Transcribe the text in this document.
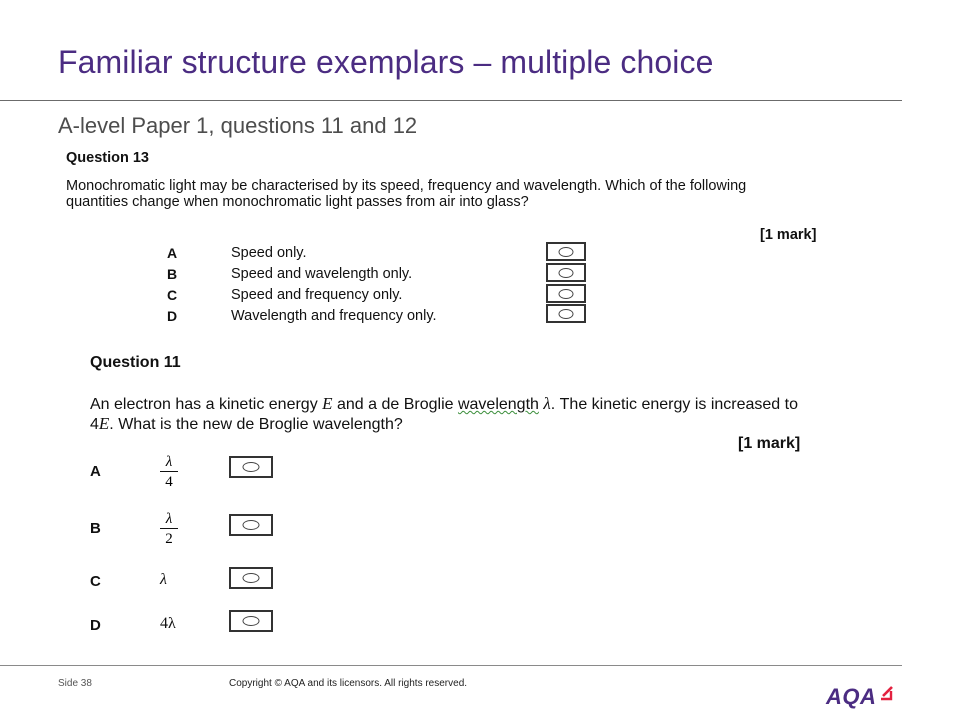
Familiar structure exemplars – multiple choice
A-level Paper 1, questions 11 and 12
Question 13
Monochromatic light may be characterised by its speed, frequency and wavelength. Which of the following quantities change when monochromatic light passes from air into glass?
[1 mark]
A	Speed only.
B	Speed and wavelength only.
C	Speed and frequency only.
D	Wavelength and frequency only.
Question 11
An electron has a kinetic energy E and a de Broglie wavelength λ. The kinetic energy is increased to 4E. What is the new de Broglie wavelength?
[1 mark]
A	$\frac{\lambda}{4}$
B	$\frac{\lambda}{2}$
C	λ
D	4λ
Side 38	Copyright © AQA and its licensors. All rights reserved.
AQA
